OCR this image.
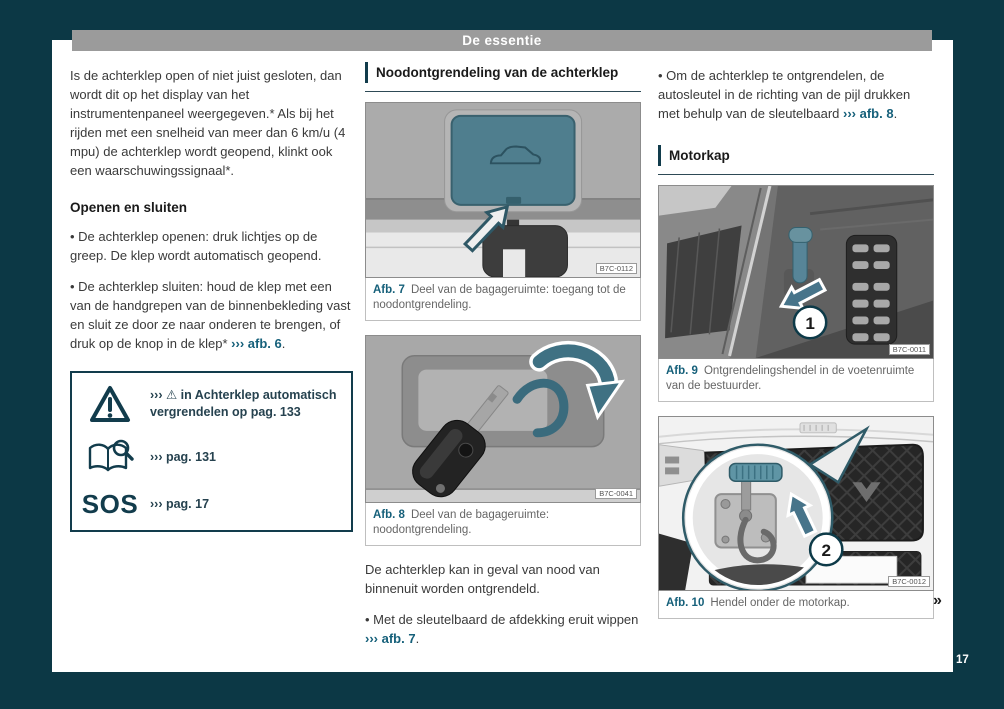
De essentie

Is de achterklep open of niet juist gesloten, dan wordt dit op het display van het instrumentenpaneel weergegeven.* Als bij het rijden met een snelheid van meer dan 6 km/u (4 mpu) de achterklep wordt geopend, klinkt ook een waarschuwingssignaal*.

Openen en sluiten

• De achterklep openen: druk lichtjes op de greep. De klep wordt automatisch geopend.

• De achterklep sluiten: houd de klep met een van de handgrepen van de binnenbekleding vast en sluit ze door ze naar onderen te brengen, of druk op de knop in de klep* ››› afb. 6.

››› ⚠ in Achterklep automatisch vergrendelen op pag. 133
››› pag. 131
SOS ››› pag. 17
Noodontgrendeling van de achterklep
B7C-0112
Afb. 7 Deel van de bagageruimte: toegang tot de noodontgrendeling.
B7C-0041
Afb. 8 Deel van de bagageruimte: noodontgrendeling.

De achterklep kan in geval van nood van binnenuit worden ontgrendeld.

• Met de sleutelbaard de afdekking eruit wippen ››› afb. 7.

• Om de achterklep te ontgrendelen, de autosleutel in de richting van de pijl drukken met behulp van de sleutelbaard ››› afb. 8.

Motorkap
1
B7C-0011
Afb. 9 Ontgrendelingshendel in de voetenruimte van de bestuurder.
2
B7C-0012
Afb. 10 Hendel onder de motorkap.	»
17
